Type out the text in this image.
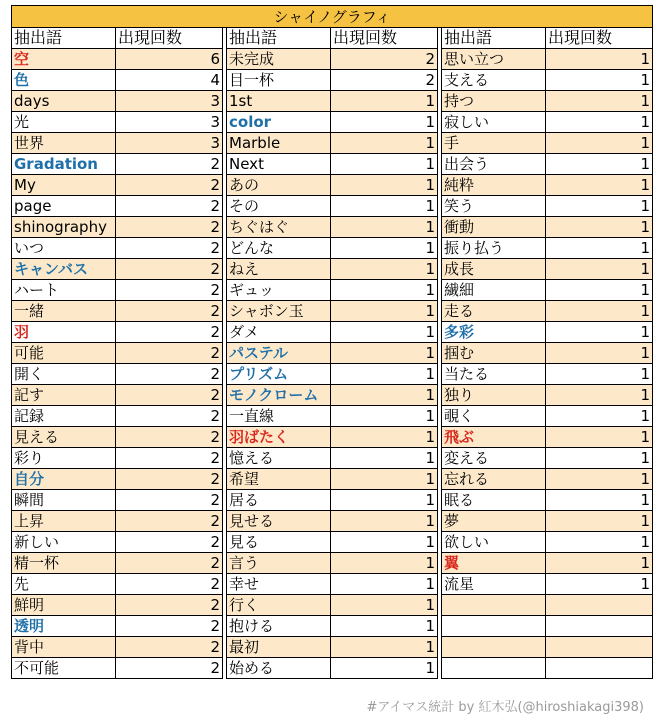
シャイノグラフィ							
抽出語	出現回数		抽出語	出現回数		抽出語	出現回数
空	6		未完成	2		思い立つ	1
色	4		目一杯	2		支える	1
days	3		1st	1		持つ	1
光	3		color	1		寂しい	1
世界	3		Marble	1		手	1
Gradation	2		Next	1		出会う	1
My	2		あの	1		純粋	1
page	2		その	1		笑う	1
shinography	2		ちぐはぐ	1		衝動	1
いつ	2		どんな	1		振り払う	1
キャンバス	2		ねえ	1		成長	1
ハート	2		ギュッ	1		繊細	1
一緒	2		シャボン玉	1		走る	1
羽	2		ダメ	1		多彩	1
可能	2		パステル	1		掴む	1
開く	2		プリズム	1		当たる	1
記す	2		モノクローム	1		独り	1
記録	2		一直線	1		覗く	1
見える	2		羽ばたく	1		飛ぶ	1
彩り	2		憶える	1		変える	1
自分	2		希望	1		忘れる	1
瞬間	2		居る	1		眠る	1
上昇	2		見せる	1		夢	1
新しい	2		見る	1		欲しい	1
精一杯	2		言う	1		翼	1
先	2		幸せ	1		流星	1
鮮明	2		行く	1			
透明	2		抱ける	1			
背中	2		最初	1			
不可能	2		始める	1			
#アイマス統計 by 紅木弘(@hiroshiakagi398)
